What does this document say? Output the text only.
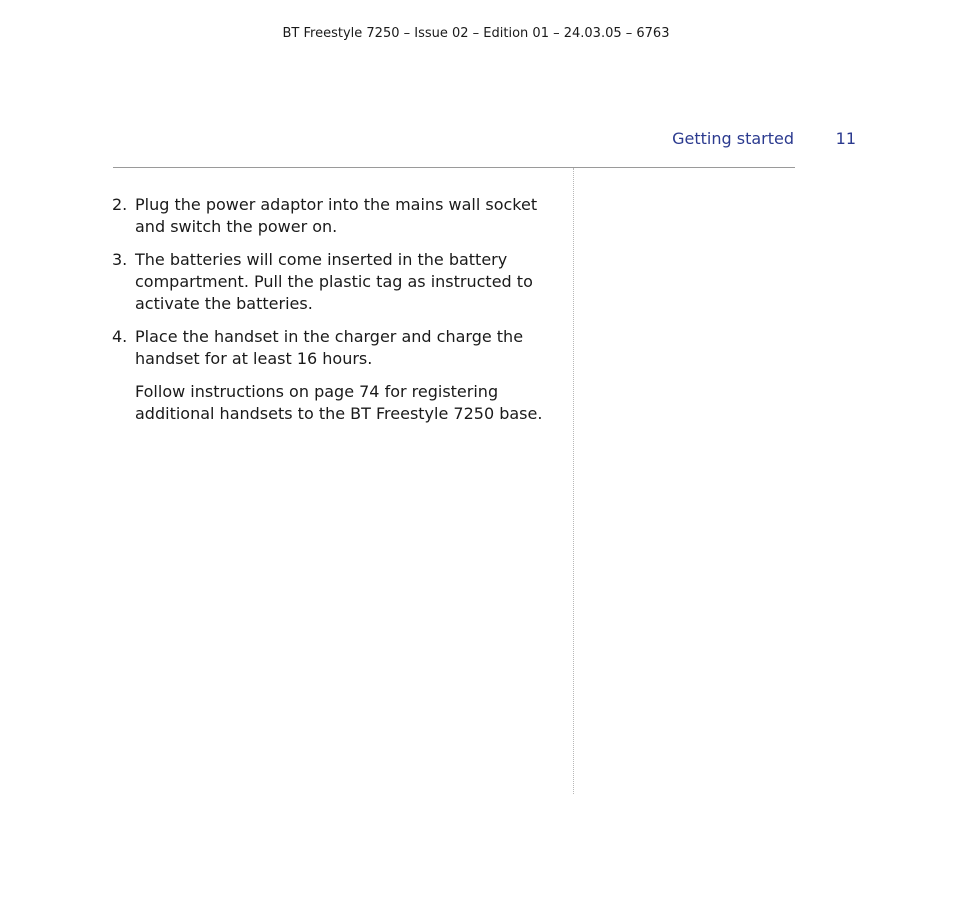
BT Freestyle 7250 – Issue 02 – Edition 01 – 24.03.05 – 6763
Getting started	11
2. Plug the power adaptor into the mains wall socket and switch the power on.
3. The batteries will come inserted in the battery compartment. Pull the plastic tag as instructed to activate the batteries.
4. Place the handset in the charger and charge the handset for at least 16 hours.
Follow instructions on page 74 for registering additional handsets to the BT Freestyle 7250 base.
